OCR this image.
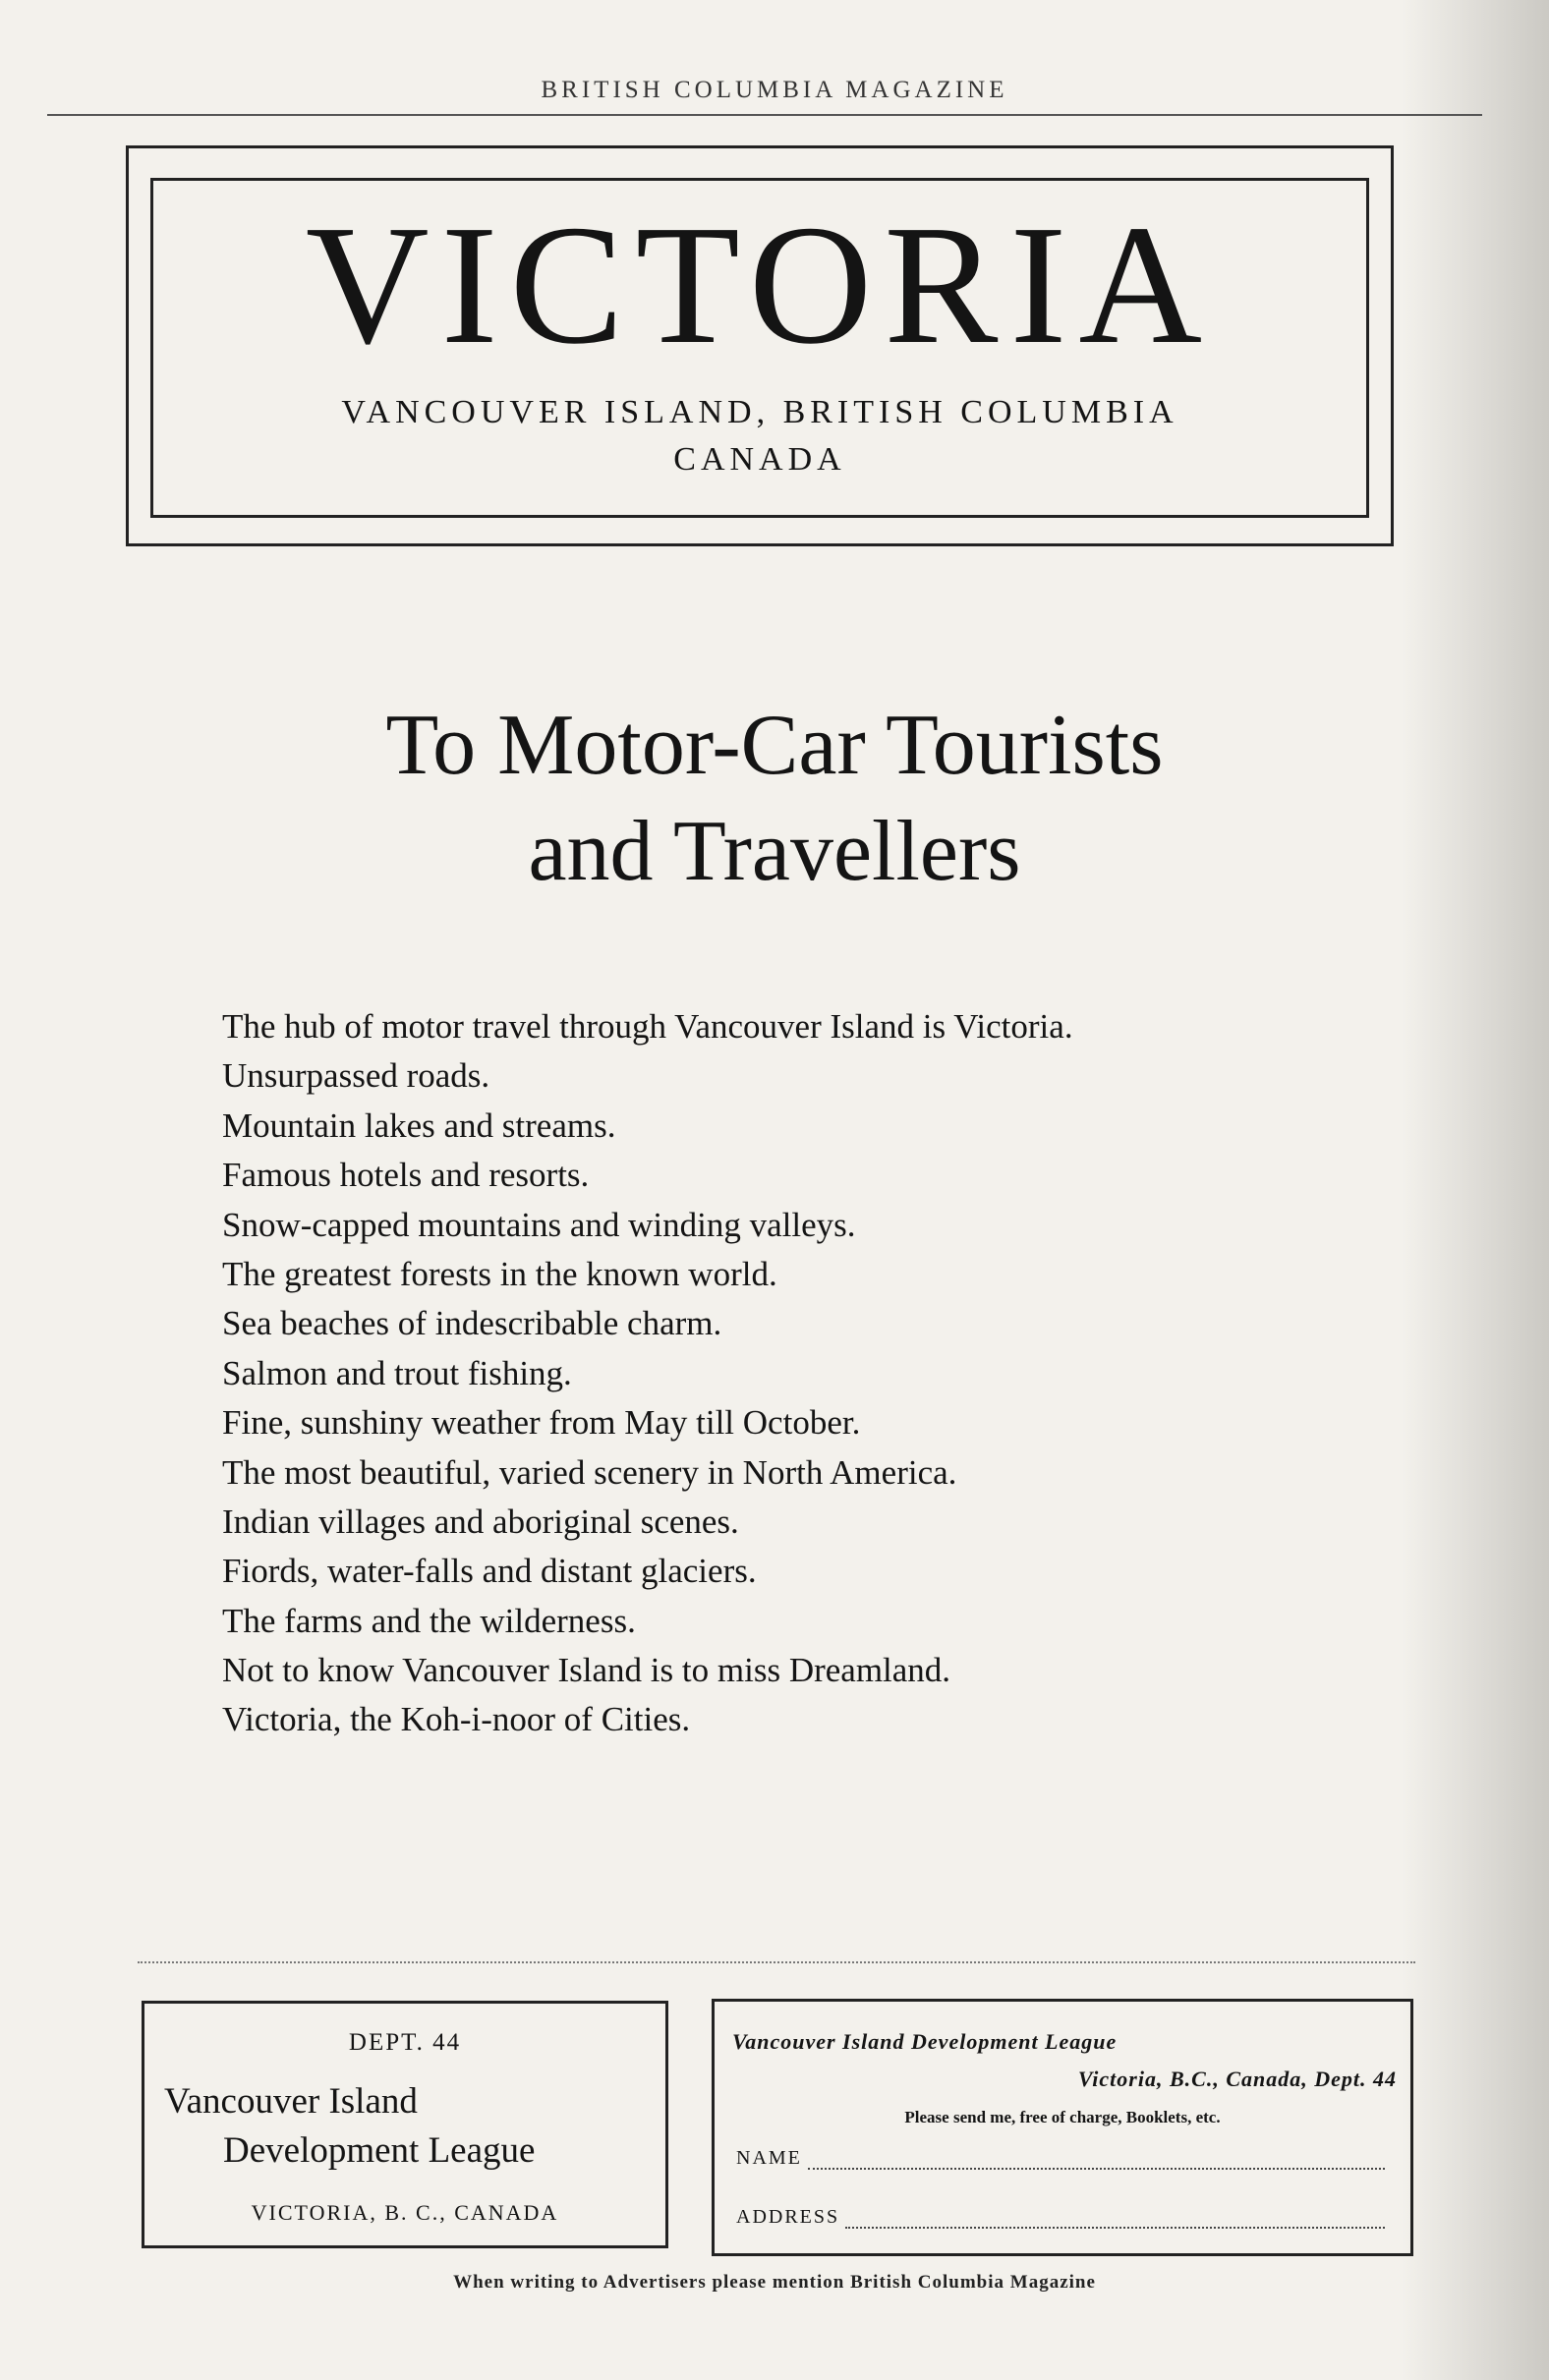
BRITISH COLUMBIA MAGAZINE
VICTORIA
VANCOUVER ISLAND, BRITISH COLUMBIA
CANADA
To Motor-Car Tourists
and Travellers
The hub of motor travel through Vancouver Island is Victoria.
Unsurpassed roads.
Mountain lakes and streams.
Famous hotels and resorts.
Snow-capped mountains and winding valleys.
The greatest forests in the known world.
Sea beaches of indescribable charm.
Salmon and trout fishing.
Fine, sunshiny weather from May till October.
The most beautiful, varied scenery in North America.
Indian villages and aboriginal scenes.
Fiords, water-falls and distant glaciers.
The farms and the wilderness.
Not to know Vancouver Island is to miss Dreamland.
Victoria, the Koh-i-noor of Cities.
DEPT. 44
Vancouver Island
Development League
VICTORIA, B. C., CANADA
Vancouver Island Development League
Victoria, B.C., Canada, Dept. 44
Please send me, free of charge, Booklets, etc.
NAME
ADDRESS
When writing to Advertisers please mention British Columbia Magazine
